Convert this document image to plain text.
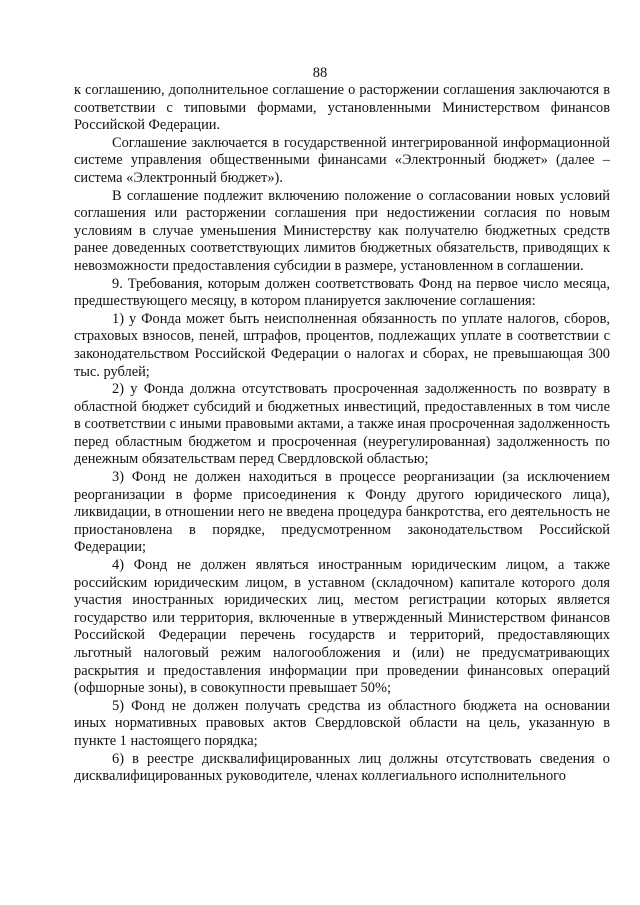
88

к соглашению, дополнительное соглашение о расторжении соглашения заключаются в соответствии с типовыми формами, установленными Министерством финансов Российской Федерации.

Соглашение заключается в государственной интегрированной информационной системе управления общественными финансами «Электронный бюджет» (далее – система «Электронный бюджет»).

В соглашение подлежит включению положение о согласовании новых условий соглашения или расторжении соглашения при недостижении согласия по новым условиям в случае уменьшения Министерству как получателю бюджетных средств ранее доведенных соответствующих лимитов бюджетных обязательств, приводящих к невозможности предоставления субсидии в размере, установленном в соглашении.

9. Требования, которым должен соответствовать Фонд на первое число месяца, предшествующего месяцу, в котором планируется заключение соглашения:

1) у Фонда может быть неисполненная обязанность по уплате налогов, сборов, страховых взносов, пеней, штрафов, процентов, подлежащих уплате в соответствии с законодательством Российской Федерации о налогах и сборах, не превышающая 300 тыс. рублей;

2) у Фонда должна отсутствовать просроченная задолженность по возврату в областной бюджет субсидий и бюджетных инвестиций, предоставленных в том числе в соответствии с иными правовыми актами, а также иная просроченная задолженность перед областным бюджетом и просроченная (неурегулированная) задолженность по денежным обязательствам перед Свердловской областью;

3) Фонд не должен находиться в процессе реорганизации (за исключением реорганизации в форме присоединения к Фонду другого юридического лица), ликвидации, в отношении него не введена процедура банкротства, его деятельность не приостановлена в порядке, предусмотренном законодательством Российской Федерации;

4) Фонд не должен являться иностранным юридическим лицом, а также российским юридическим лицом, в уставном (складочном) капитале которого доля участия иностранных юридических лиц, местом регистрации которых является государство или территория, включенные в утвержденный Министерством финансов Российской Федерации перечень государств и территорий, предоставляющих льготный налоговый режим налогообложения и (или) не предусматривающих раскрытия и предоставления информации при проведении финансовых операций (офшорные зоны), в совокупности превышает 50%;

5) Фонд не должен получать средства из областного бюджета на основании иных нормативных правовых актов Свердловской области на цель, указанную в пункте 1 настоящего порядка;

6) в реестре дисквалифицированных лиц должны отсутствовать сведения о дисквалифицированных руководителе, членах коллегиального исполнительного
